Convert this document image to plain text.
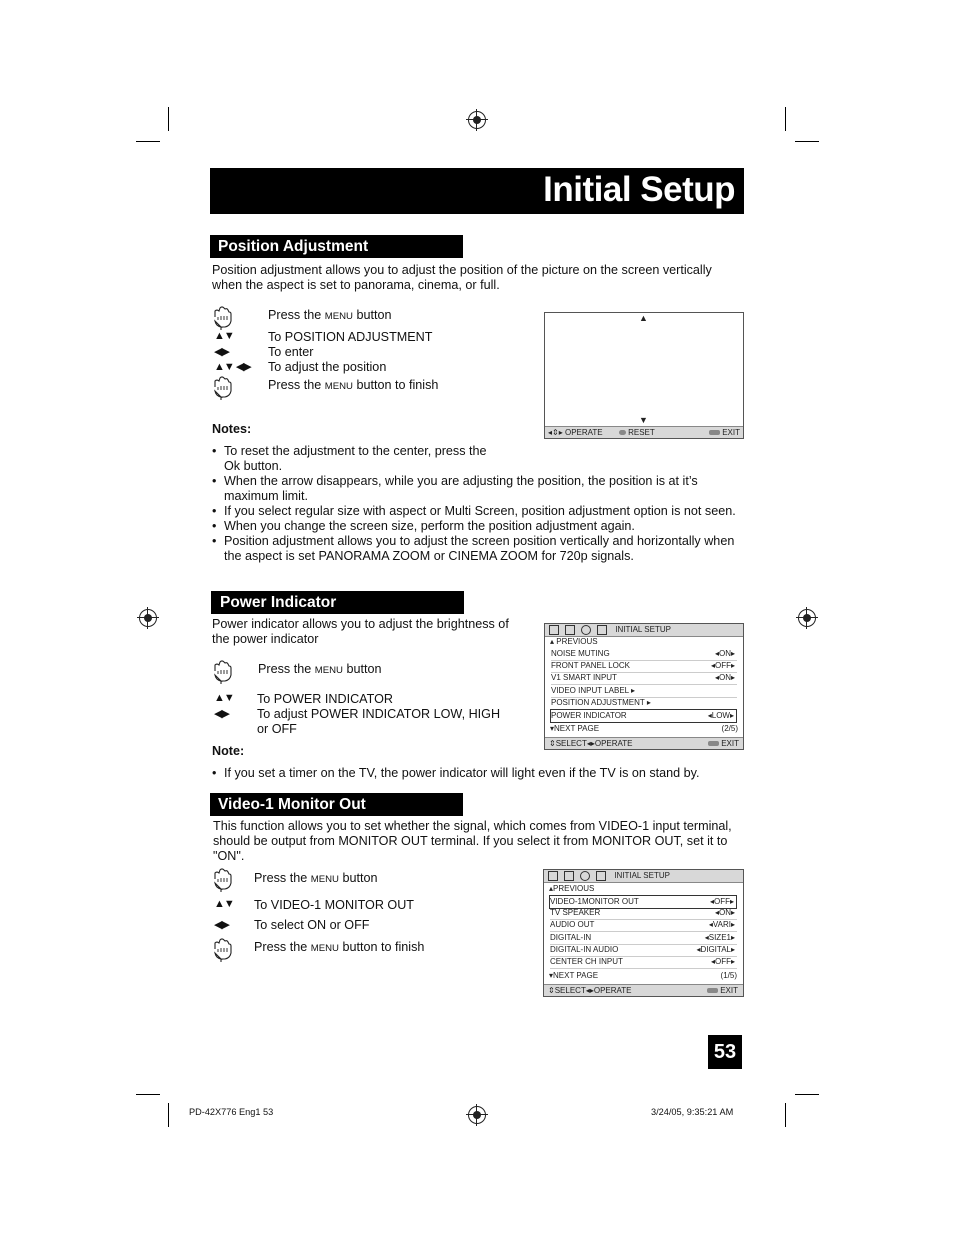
Initial Setup
Position Adjustment
Position adjustment allows you to adjust the position of the picture on the screen vertically
when the aspect is set to panorama, cinema, or full.
Press the MENU button
▲▼	To POSITION ADJUSTMENT
◀▶	To enter
▲▼ ◀▶ To adjust the position
Press the MENU button to finish
▲
▼
◂⇕▸ OPERATE	RESET	EXIT
Notes:
• To reset the adjustment to the center, press the
Ok button.
• When the arrow disappears, while you are adjusting the position, the position is at it’s
maximum limit.
• If you select regular size with aspect or Multi Screen, position adjustment option is not seen.
• When you change the screen size, perform the position adjustment again.
• Position adjustment allows you to adjust the screen position vertically and horizontally when
the aspect is set PANORAMA ZOOM or CINEMA ZOOM for 720p signals.
Power Indicator
Power indicator allows you to adjust the brightness of
the power indicator
Press the MENU button
▲▼ To POWER INDICATOR
◀▶ To adjust POWER INDICATOR LOW, HIGH
or OFF
Note:
• If you set a timer on the TV, the power indicator will light even if the TV is on stand by.
INITIAL SETUP
▴ PREVIOUS
NOISE MUTING	◂ON▸
FRONT PANEL LOCK	◂OFF▸
V1 SMART INPUT	◂ON▸
VIDEO INPUT LABEL ▸
POSITION ADJUSTMENT ▸
POWER INDICATOR	◂LOW▸
▾NEXT PAGE	(2/5)
⇕SELECT◂▸OPERATE	EXIT
Video-1 Monitor Out
This function allows you to set whether the signal, which comes from VIDEO-1 input terminal,
should be output from MONITOR OUT terminal. If you select it from MONITOR OUT, set it to
"ON".
Press the MENU button
▲▼ To VIDEO-1 MONITOR OUT
◀▶ To select ON or OFF
Press the MENU button to finish
INITIAL SETUP
▴PREVIOUS
VIDEO-1MONITOR OUT	◂OFF▸
TV SPEAKER	◂ON▸
AUDIO OUT	◂VARI▸
DIGITAL-IN	◂SIZE1▸
DIGITAL-IN AUDIO	◂DIGITAL▸
CENTER CH INPUT	◂OFF▸
▾NEXT PAGE	(1/5)
⇕SELECT◂▸OPERATE	EXIT
53
PD-42X776 Eng1 53	3/24/05, 9:35:21 AM
